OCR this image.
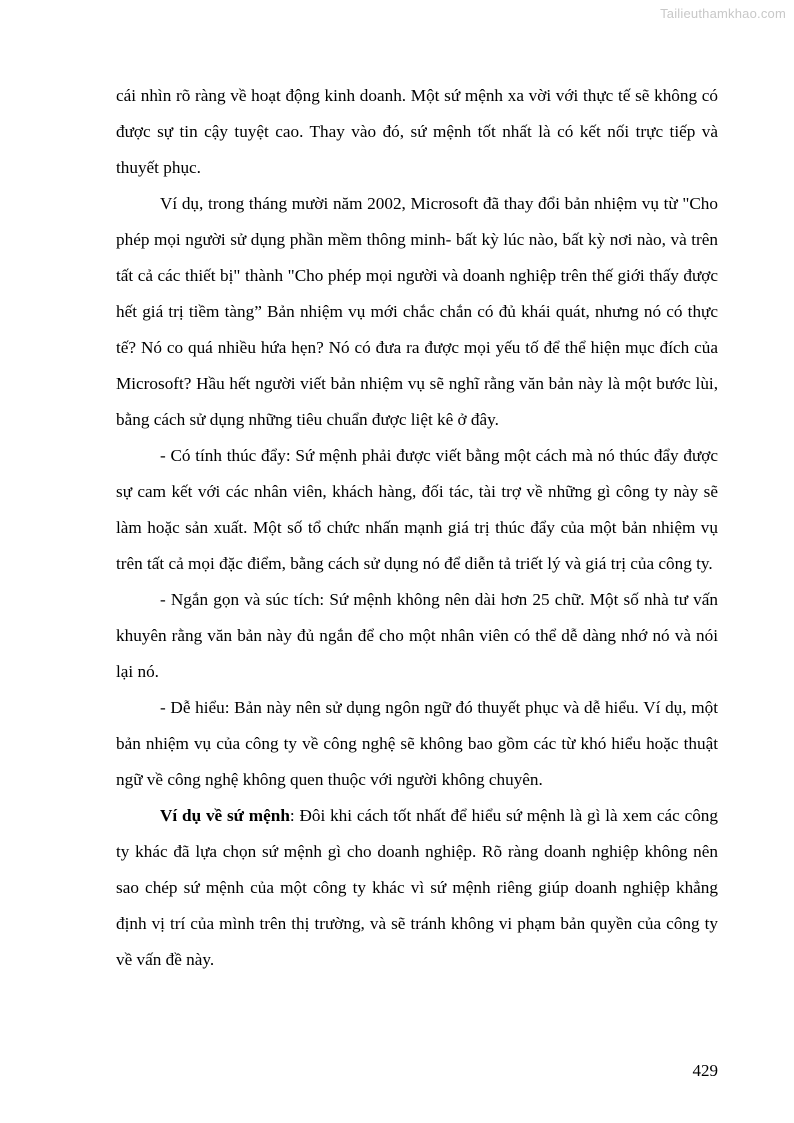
Tailieuthamkhao.com

cái nhìn rõ ràng về hoạt động kinh doanh. Một sứ mệnh xa vời với thực tế sẽ không có được sự tin cậy tuyệt cao. Thay vào đó, sứ mệnh tốt nhất là có kết nối trực tiếp và thuyết phục.

Ví dụ, trong tháng mười năm 2002, Microsoft đã thay đổi bản nhiệm vụ từ "Cho phép mọi người sử dụng phần mềm thông minh- bất kỳ lúc nào, bất kỳ nơi nào, và trên tất cả các thiết bị" thành "Cho phép mọi người và doanh nghiệp trên thế giới thấy được hết giá trị tiềm tàng” Bản nhiệm vụ mới chắc chắn có đủ khái quát, nhưng nó có thực tế? Nó co quá nhiều hứa hẹn? Nó có đưa ra được mọi yếu tố để thể hiện mục đích của Microsoft? Hầu hết người viết bản nhiệm vụ sẽ nghĩ rằng văn bản này là một bước lùi, bằng cách sử dụng những tiêu chuẩn được liệt kê ở đây.

- Có tính thúc đẩy: Sứ mệnh phải được viết bằng một cách mà nó thúc đẩy được sự cam kết với các nhân viên, khách hàng, đối tác, tài trợ về những gì công ty này sẽ làm hoặc sản xuất. Một số tổ chức nhấn mạnh giá trị thúc đẩy của một bản nhiệm vụ trên tất cả mọi đặc điểm, bằng cách sử dụng nó để diễn tả triết lý và giá trị của công ty.

- Ngắn gọn và súc tích: Sứ mệnh không nên dài hơn 25 chữ. Một số nhà tư vấn khuyên rằng văn bản này đủ ngắn để cho một nhân viên có thể dễ dàng nhớ nó và nói lại nó.

- Dễ hiểu: Bản này nên sử dụng ngôn ngữ đó thuyết phục và dễ hiểu. Ví dụ, một bản nhiệm vụ của công ty về công nghệ sẽ không bao gồm các từ khó hiểu hoặc thuật ngữ về công nghệ không quen thuộc với người không chuyên.

Ví dụ về sứ mệnh: Đôi khi cách tốt nhất để hiểu sứ mệnh là gì là xem các công ty khác đã lựa chọn sứ mệnh gì cho doanh nghiệp. Rõ ràng doanh nghiệp không nên sao chép sứ mệnh của một công ty khác vì sứ mệnh riêng giúp doanh nghiệp khẳng định vị trí của mình trên thị trường, và sẽ tránh không vi phạm bản quyền của công ty về vấn đề này.

429
